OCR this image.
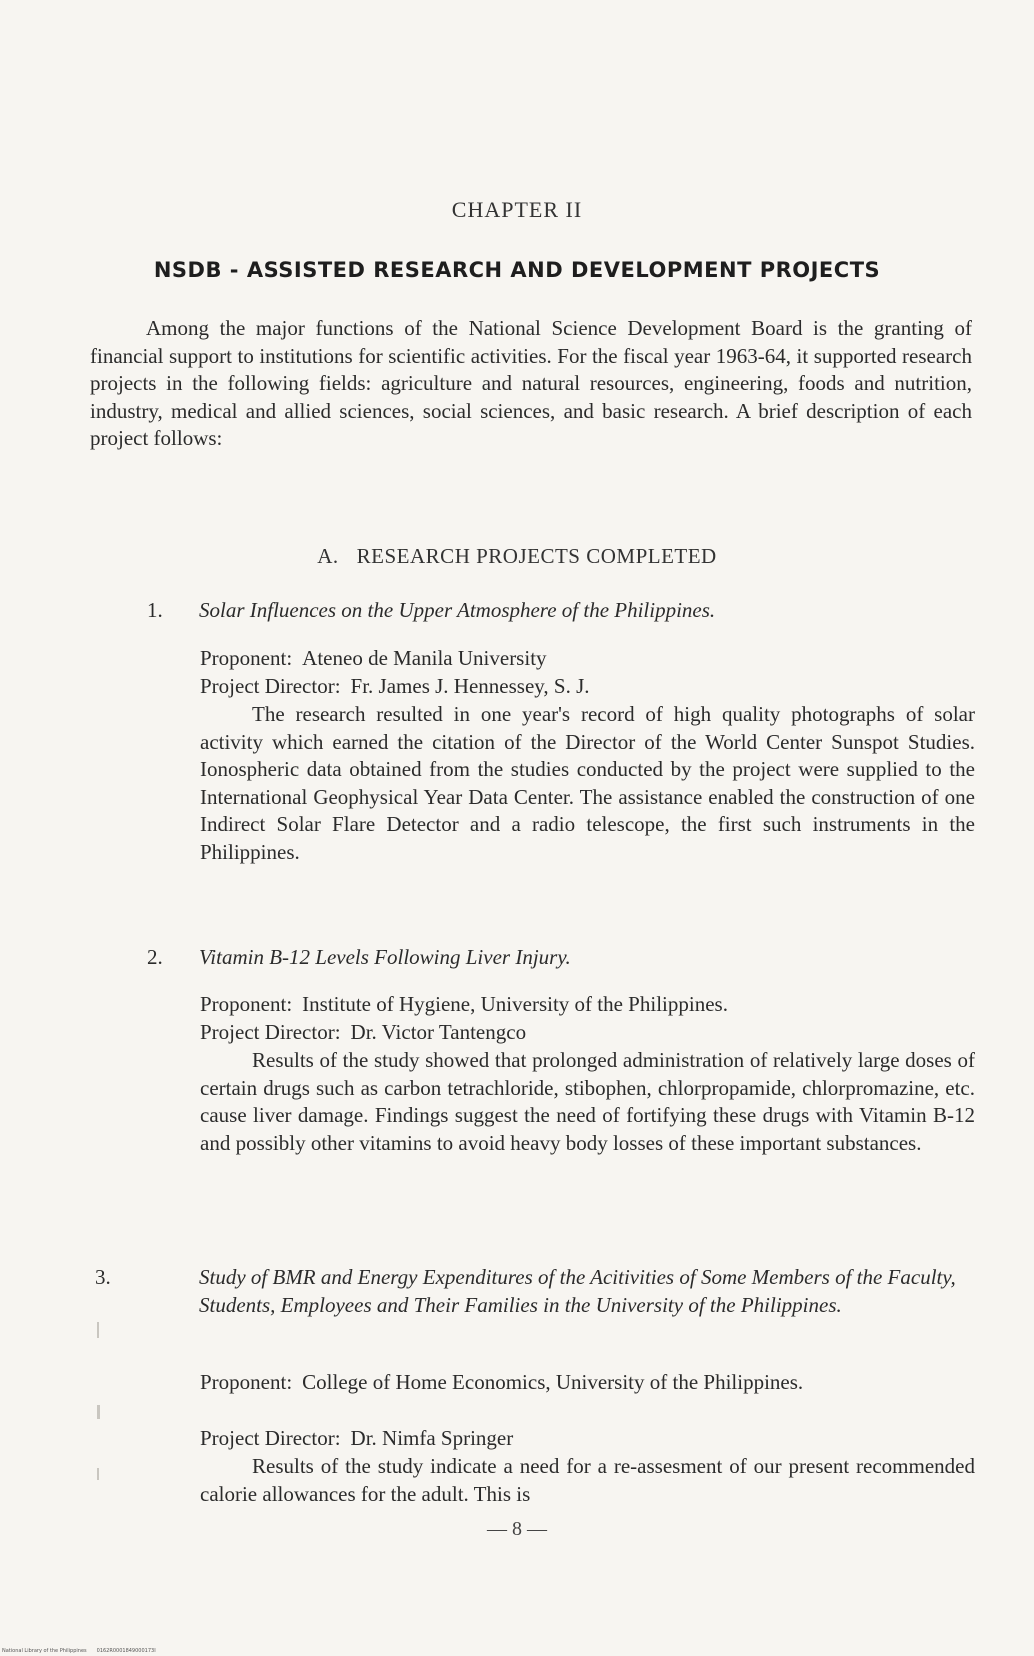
CHAPTER II
NSDB - ASSISTED RESEARCH AND DEVELOPMENT PROJECTS

Among the major functions of the National Science Development Board is the granting of financial support to institutions for scientific activities. For the fiscal year 1963-64, it supported research projects in the following fields: agriculture and natural resources, engineering, foods and nutrition, industry, medical and allied sciences, social sciences, and basic research. A brief description of each project follows:

A. RESEARCH PROJECTS COMPLETED

1. Solar Influences on the Upper Atmosphere of the Philippines.

Proponent: Ateneo de Manila University

Project Director: Fr. James J. Hennessey, S. J.

The research resulted in one year's record of high quality photographs of solar activity which earned the citation of the Director of the World Center Sunspot Studies. Ionospheric data obtained from the studies conducted by the project were supplied to the International Geophysical Year Data Center. The assistance enabled the construction of one Indirect Solar Flare Detector and a radio telescope, the first such instruments in the Philippines.

2. Vitamin B-12 Levels Following Liver Injury.

Proponent: Institute of Hygiene, University of the Philippines.

Project Director: Dr. Victor Tantengco

Results of the study showed that prolonged administration of relatively large doses of certain drugs such as carbon tetrachloride, stibophen, chlorpropamide, chlorpromazine, etc. cause liver damage. Findings suggest the need of fortifying these drugs with Vitamin B-12 and possibly other vitamins to avoid heavy body losses of these important substances.

3.	Study of BMR and Energy Expenditures of the Acitivities of Some Members of the Faculty, Students, Employees and Their Families in the University of the Philippines.

Proponent: College of Home Economics, University of the Philippines.

Project Director: Dr. Nimfa Springer

Results of the study indicate a need for a re-assesment of our present recommended calorie allowances for the adult. This is

— 8 —
National Library of the Philippines 0162R0001849000173I
